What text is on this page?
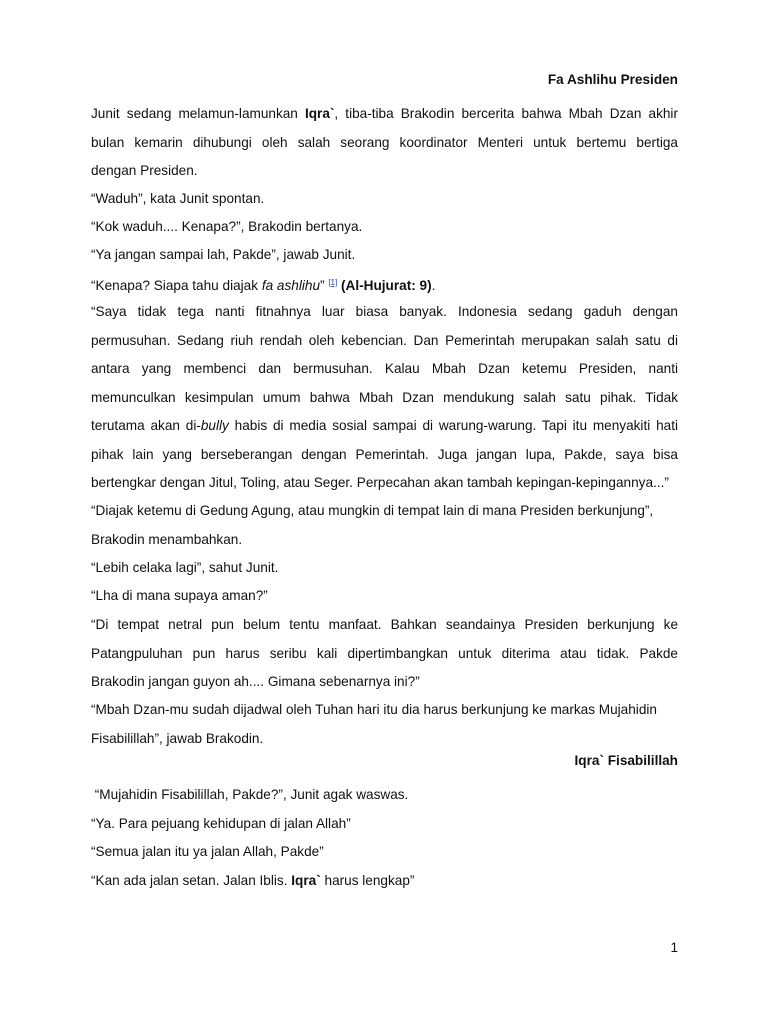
Fa Ashlihu Presiden
Junit sedang melamun-lamunkan Iqra`, tiba-tiba Brakodin bercerita bahwa Mbah Dzan akhir
bulan kemarin dihubungi oleh salah seorang koordinator Menteri untuk bertemu bertiga
dengan Presiden.
“Waduh”, kata Junit spontan.
“Kok waduh.... Kenapa?”, Brakodin bertanya.
“Ya jangan sampai lah, Pakde”, jawab Junit.
“Kenapa? Siapa tahu diajak fa ashlihu” [1] (Al-Hujurat: 9).
“Saya tidak tega nanti fitnahnya luar biasa banyak. Indonesia sedang gaduh dengan
permusuhan. Sedang riuh rendah oleh kebencian. Dan Pemerintah merupakan salah satu di
antara yang membenci dan bermusuhan. Kalau Mbah Dzan ketemu Presiden, nanti
memunculkan kesimpulan umum bahwa Mbah Dzan mendukung salah satu pihak. Tidak
terutama akan di-bully habis di media sosial sampai di warung-warung. Tapi itu menyakiti hati
pihak lain yang berseberangan dengan Pemerintah. Juga jangan lupa, Pakde, saya bisa
bertengkar dengan Jitul, Toling, atau Seger. Perpecahan akan tambah kepingan-kepingannya...”
“Diajak ketemu di Gedung Agung, atau mungkin di tempat lain di mana Presiden berkunjung”,
Brakodin menambahkan.
“Lebih celaka lagi”, sahut Junit.
“Lha di mana supaya aman?”
“Di tempat netral pun belum tentu manfaat. Bahkan seandainya Presiden berkunjung ke
Patangpuluhan pun harus seribu kali dipertimbangkan untuk diterima atau tidak. Pakde
Brakodin jangan guyon ah.... Gimana sebenarnya ini?”
“Mbah Dzan-mu sudah dijadwal oleh Tuhan hari itu dia harus berkunjung ke markas Mujahidin
Fisabilillah”, jawab Brakodin.
Iqra` Fisabilillah
“Mujahidin Fisabilillah, Pakde?”, Junit agak waswas.
“Ya. Para pejuang kehidupan di jalan Allah”
“Semua jalan itu ya jalan Allah, Pakde”
“Kan ada jalan setan. Jalan Iblis. Iqra` harus lengkap”
1
